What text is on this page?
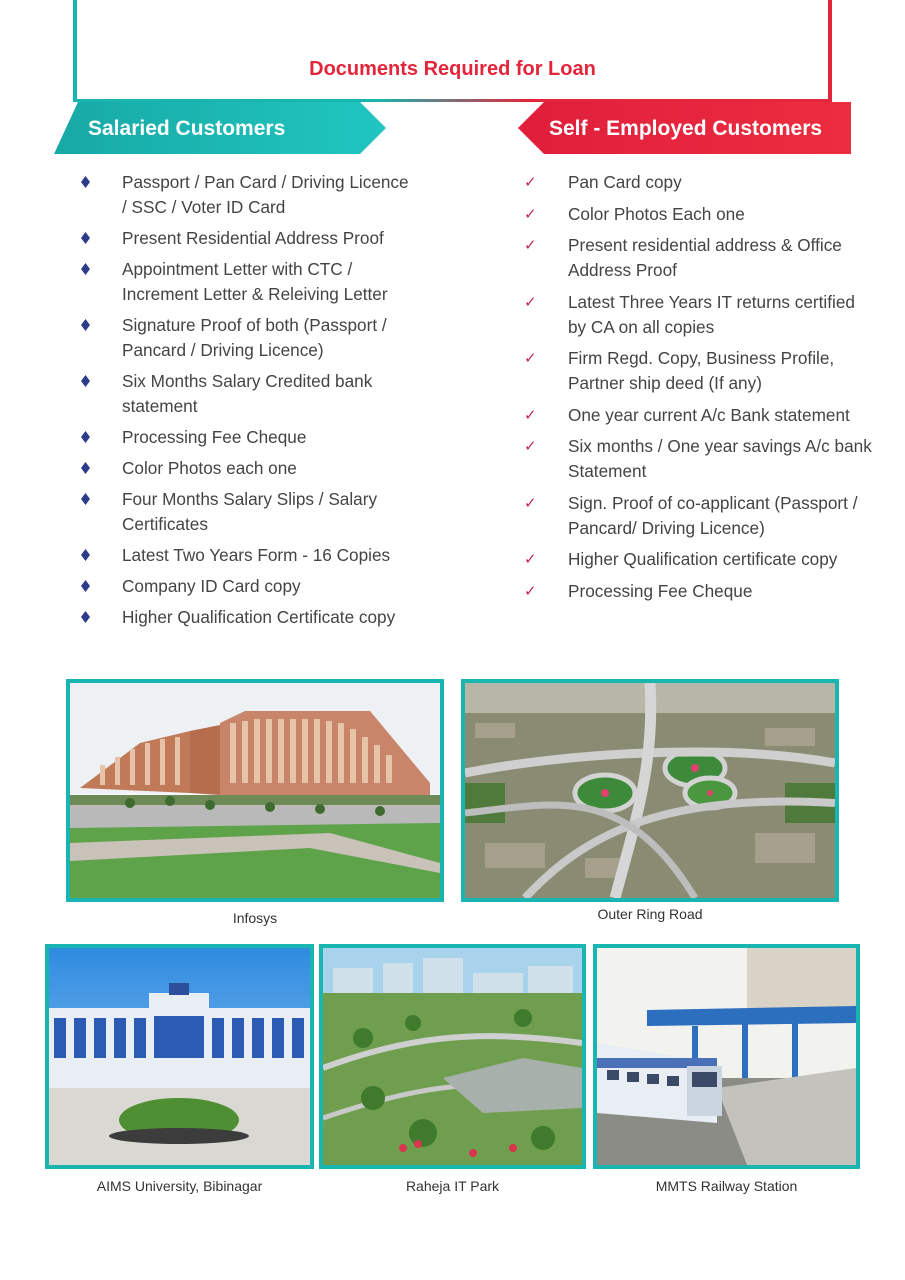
Documents Required for Loan
Salaried Customers	Self - Employed Customers
Passport / Pan Card / Driving Licence / SSC / Voter ID Card
Present Residential Address Proof
Appointment Letter with CTC / Increment Letter & Releiving Letter
Signature Proof of both (Passport / Pancard / Driving Licence)
Six Months Salary Credited bank statement
Processing Fee Cheque
Color Photos each one
Four Months Salary Slips / Salary Certificates
Latest Two Years Form - 16 Copies
Company ID Card copy
Higher Qualification Certificate copy
✓ Pan Card copy
✓ Color Photos Each one
✓ Present residential address & Office Address Proof
✓ Latest Three Years IT returns certified by CA on all copies
✓ Firm Regd. Copy, Business Profile, Partner ship deed (If any)
✓ One year current A/c Bank statement
✓ Six months / One year savings A/c bank Statement
✓ Sign. Proof of co-applicant (Passport / Pancard/ Driving Licence)
✓ Higher Qualification certificate copy
✓ Processing Fee Cheque
Infosys	Outer Ring Road
AIMS University, Bibinagar	Raheja IT Park	MMTS Railway Station
